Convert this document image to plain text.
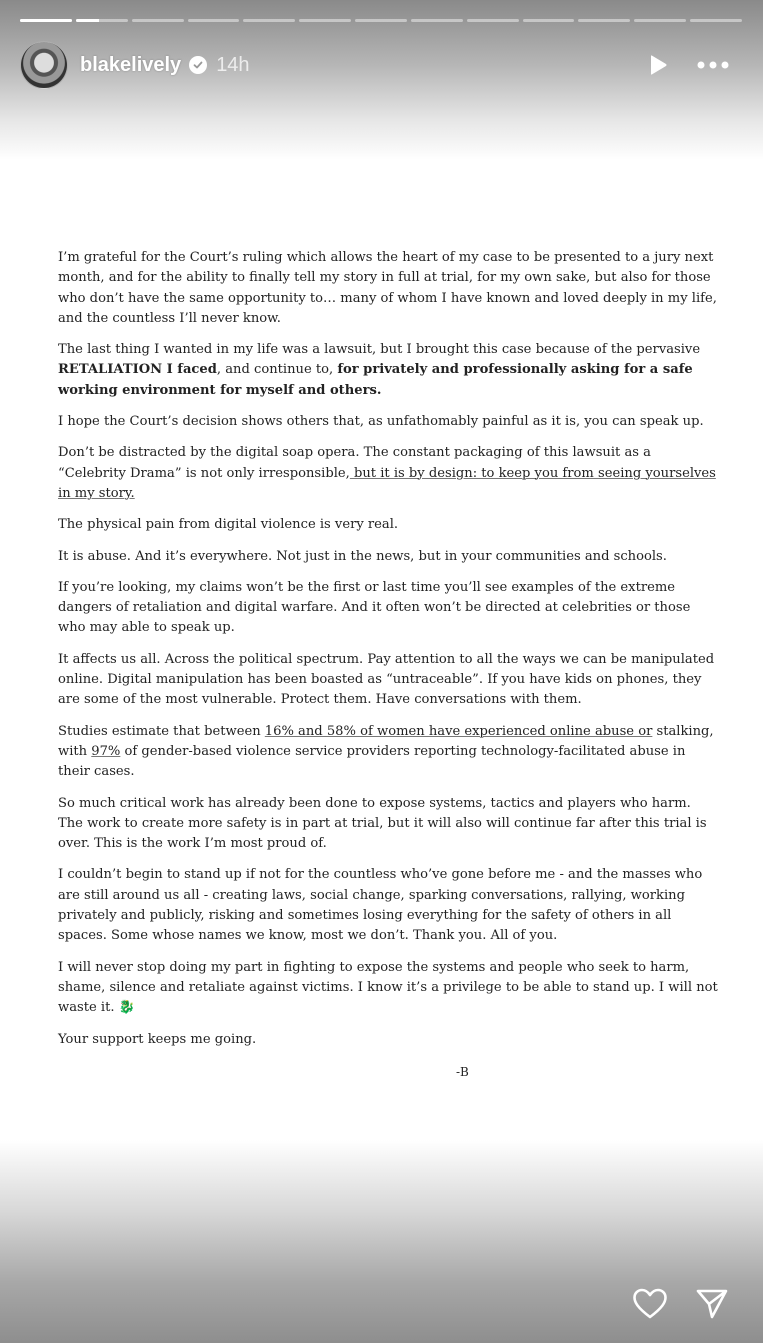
blakelively 14h

I’m grateful for the Court’s ruling which allows the heart of my case to be presented to a jury next month, and for the ability to finally tell my story in full at trial, for my own sake, but also for those who don’t have the same opportunity to… many of whom I have known and loved deeply in my life, and the countless I’ll never know.

The last thing I wanted in my life was a lawsuit, but I brought this case because of the pervasive RETALIATION I faced, and continue to, for privately and professionally asking for a safe working environment for myself and others.

I hope the Court’s decision shows others that, as unfathomably painful as it is, you can speak up.

Don’t be distracted by the digital soap opera. The constant packaging of this lawsuit as a “Celebrity Drama” is not only irresponsible, but it is by design: to keep you from seeing yourselves in my story.

The physical pain from digital violence is very real.

It is abuse. And it’s everywhere. Not just in the news, but in your communities and schools.

If you’re looking, my claims won’t be the first or last time you’ll see examples of the extreme dangers of retaliation and digital warfare. And it often won’t be directed at celebrities or those who may able to speak up.

It affects us all. Across the political spectrum. Pay attention to all the ways we can be manipulated online. Digital manipulation has been boasted as “untraceable”. If you have kids on phones, they are some of the most vulnerable. Protect them. Have conversations with them.

Studies estimate that between 16% and 58% of women have experienced online abuse or stalking, with 97% of gender-based violence service providers reporting technology-facilitated abuse in their cases.

So much critical work has already been done to expose systems, tactics and players who harm. The work to create more safety is in part at trial, but it will also will continue far after this trial is over. This is the work I’m most proud of.

I couldn’t begin to stand up if not for the countless who’ve gone before me - and the masses who are still around us all - creating laws, social change, sparking conversations, rallying, working privately and publicly, risking and sometimes losing everything for the safety of others in all spaces. Some whose names we know, most we don’t. Thank you. All of you.

I will never stop doing my part in fighting to expose the systems and people who seek to harm, shame, silence and retaliate against victims. I know it’s a privilege to be able to stand up. I will not waste it. 🐉

Your support keeps me going.

-B
